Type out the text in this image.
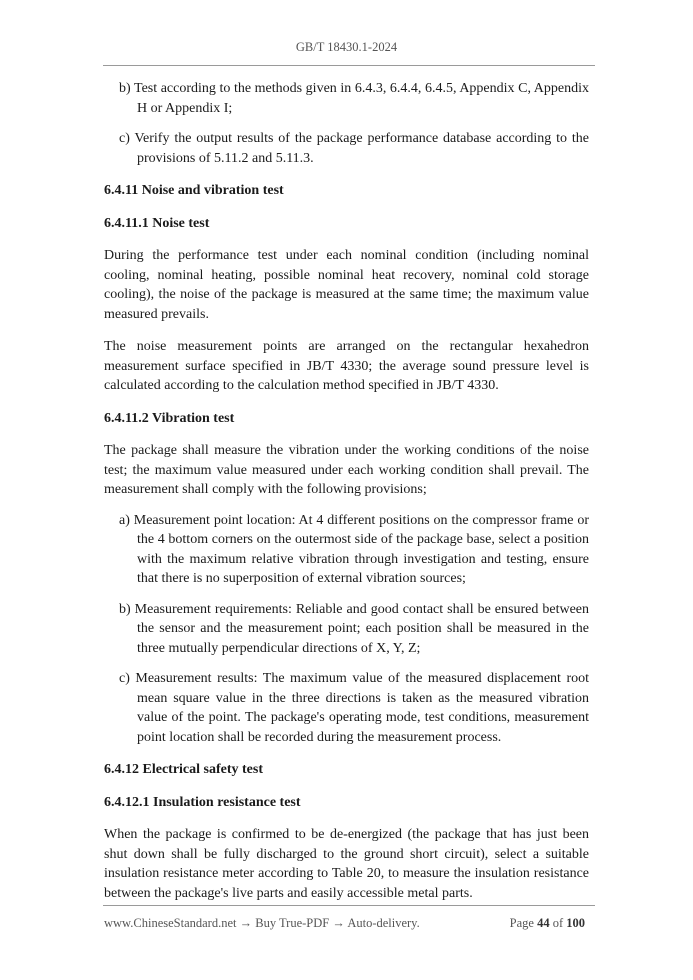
GB/T 18430.1-2024

b) Test according to the methods given in 6.4.3, 6.4.4, 6.4.5, Appendix C, Appendix H or Appendix I;

c) Verify the output results of the package performance database according to the provisions of 5.11.2 and 5.11.3.

6.4.11 Noise and vibration test

6.4.11.1 Noise test

During the performance test under each nominal condition (including nominal cooling, nominal heating, possible nominal heat recovery, nominal cold storage cooling), the noise of the package is measured at the same time; the maximum value measured prevails.

The noise measurement points are arranged on the rectangular hexahedron measurement surface specified in JB/T 4330; the average sound pressure level is calculated according to the calculation method specified in JB/T 4330.

6.4.11.2 Vibration test

The package shall measure the vibration under the working conditions of the noise test; the maximum value measured under each working condition shall prevail. The measurement shall comply with the following provisions;

a) Measurement point location: At 4 different positions on the compressor frame or the 4 bottom corners on the outermost side of the package base, select a position with the maximum relative vibration through investigation and testing, ensure that there is no superposition of external vibration sources;

b) Measurement requirements: Reliable and good contact shall be ensured between the sensor and the measurement point; each position shall be measured in the three mutually perpendicular directions of X, Y, Z;

c) Measurement results: The maximum value of the measured displacement root mean square value in the three directions is taken as the measured vibration value of the point. The package's operating mode, test conditions, measurement point location shall be recorded during the measurement process.

6.4.12 Electrical safety test

6.4.12.1 Insulation resistance test

When the package is confirmed to be de-energized (the package that has just been shut down shall be fully discharged to the ground short circuit), select a suitable insulation resistance meter according to Table 20, to measure the insulation resistance between the package's live parts and easily accessible metal parts.

www.ChineseStandard.net → Buy True-PDF → Auto-delivery.	Page 44 of 100
